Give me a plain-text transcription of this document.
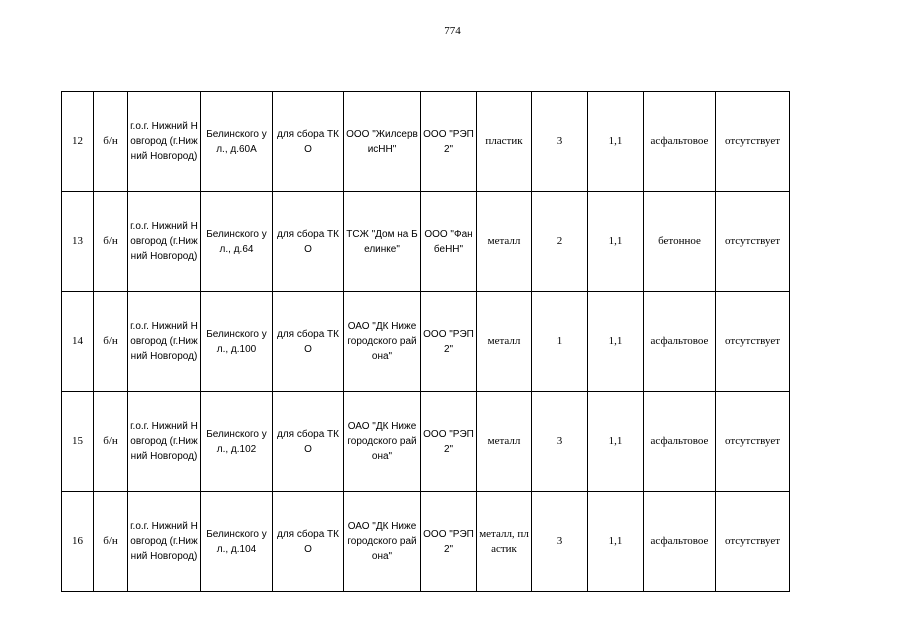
774
12	б/н	г.о.г. Нижний Новгород (г.Нижний Новгород)	Белинского ул., д.60А	для сбора ТКО	ООО "ЖилсервисНН"	ООО "РЭП2"	пластик	3	1,1	асфальтовое	отсутствует
13	б/н	г.о.г. Нижний Новгород (г.Нижний Новгород)	Белинского ул., д.64	для сбора ТКО	ТСЖ "Дом на Белинке"	ООО "ФанбеНН"	металл	2	1,1	бетонное	отсутствует
14	б/н	г.о.г. Нижний Новгород (г.Нижний Новгород)	Белинского ул., д.100	для сбора ТКО	ОАО "ДК Нижегородского района"	ООО "РЭП2"	металл	1	1,1	асфальтовое	отсутствует
15	б/н	г.о.г. Нижний Новгород (г.Нижний Новгород)	Белинского ул., д.102	для сбора ТКО	ОАО "ДК Нижегородского района"	ООО "РЭП2"	металл	3	1,1	асфальтовое	отсутствует
16	б/н	г.о.г. Нижний Новгород (г.Нижний Новгород)	Белинского ул., д.104	для сбора ТКО	ОАО "ДК Нижегородского района"	ООО "РЭП2"	металл, пластик	3	1,1	асфальтовое	отсутствует
